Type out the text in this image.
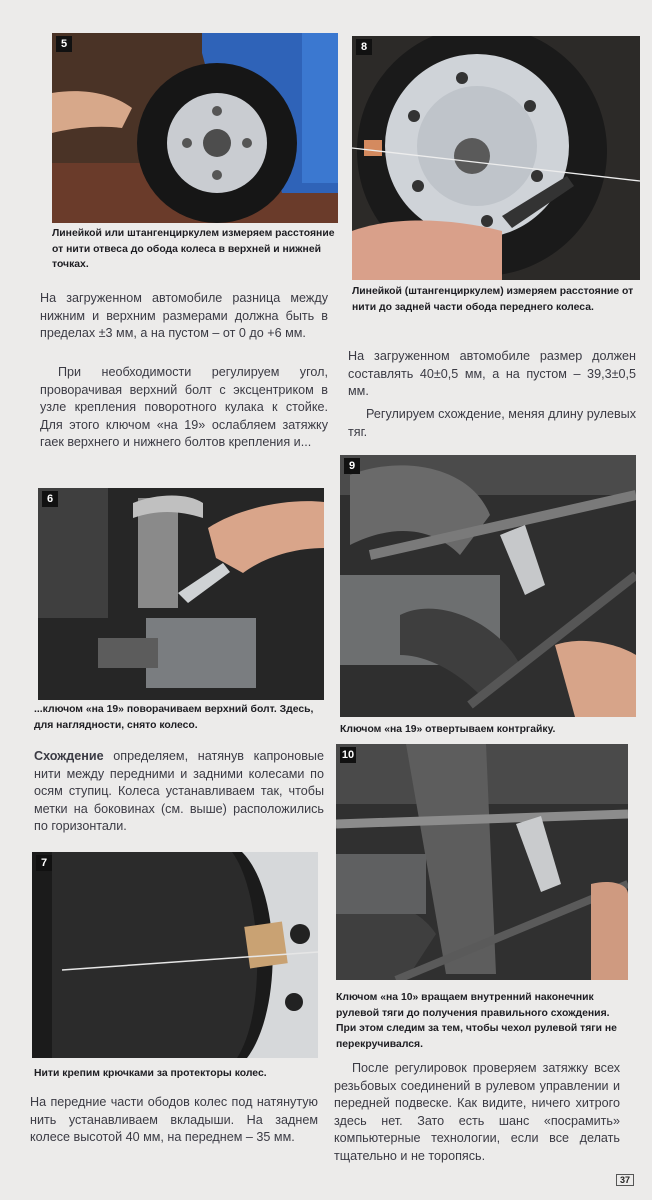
5

Линейкой или штангенциркулем измеряем расстояние от нити отвеса до обода колеса в верхней и нижней точках.

На загруженном автомобиле разница между нижним и верхним размерами должна быть в пределах ±3 мм, а на пустом – от 0 до +6 мм.

При необходимости регулируем угол, проворачивая верхний болт с эксцентриком в узле крепления поворотного кулака к стойке. Для этого ключом «на 19» ослабляем затяжку гаек верхнего и нижнего болтов крепления и...

6

...ключом «на 19» поворачиваем верхний болт. Здесь, для наглядности, снято колесо.

Схождение определяем, натянув капроновые нити между передними и задними колесами по осям ступиц. Колеса устанавливаем так, чтобы метки на боковинах (см. выше) расположились по горизонтали.

7

Нити крепим крючками за протекторы колес.

На передние части ободов колес под натянутую нить устанавливаем вкладыши. На заднем колесе высотой 40 мм, на переднем – 35 мм.

8

Линейкой (штангенциркулем) измеряем расстояние от нити до задней части обода переднего колеса.

На загруженном автомобиле размер должен составлять 40±0,5 мм, а на пустом – 39,3±0,5 мм.

Регулируем схождение, меняя длину рулевых тяг.

9

Ключом «на 19» отвертываем контргайку.

10

Ключом «на 10» вращаем внутренний наконечник рулевой тяги до получения правильного схождения. При этом следим за тем, чтобы чехол рулевой тяги не перекручивался.

После регулировок проверяем затяжку всех резьбовых соединений в рулевом управлении и передней подвеске. Как видите, ничего хитрого здесь нет. Зато есть шанс «посрамить» компьютерные технологии, если все делать тщательно и не торопясь.

37
